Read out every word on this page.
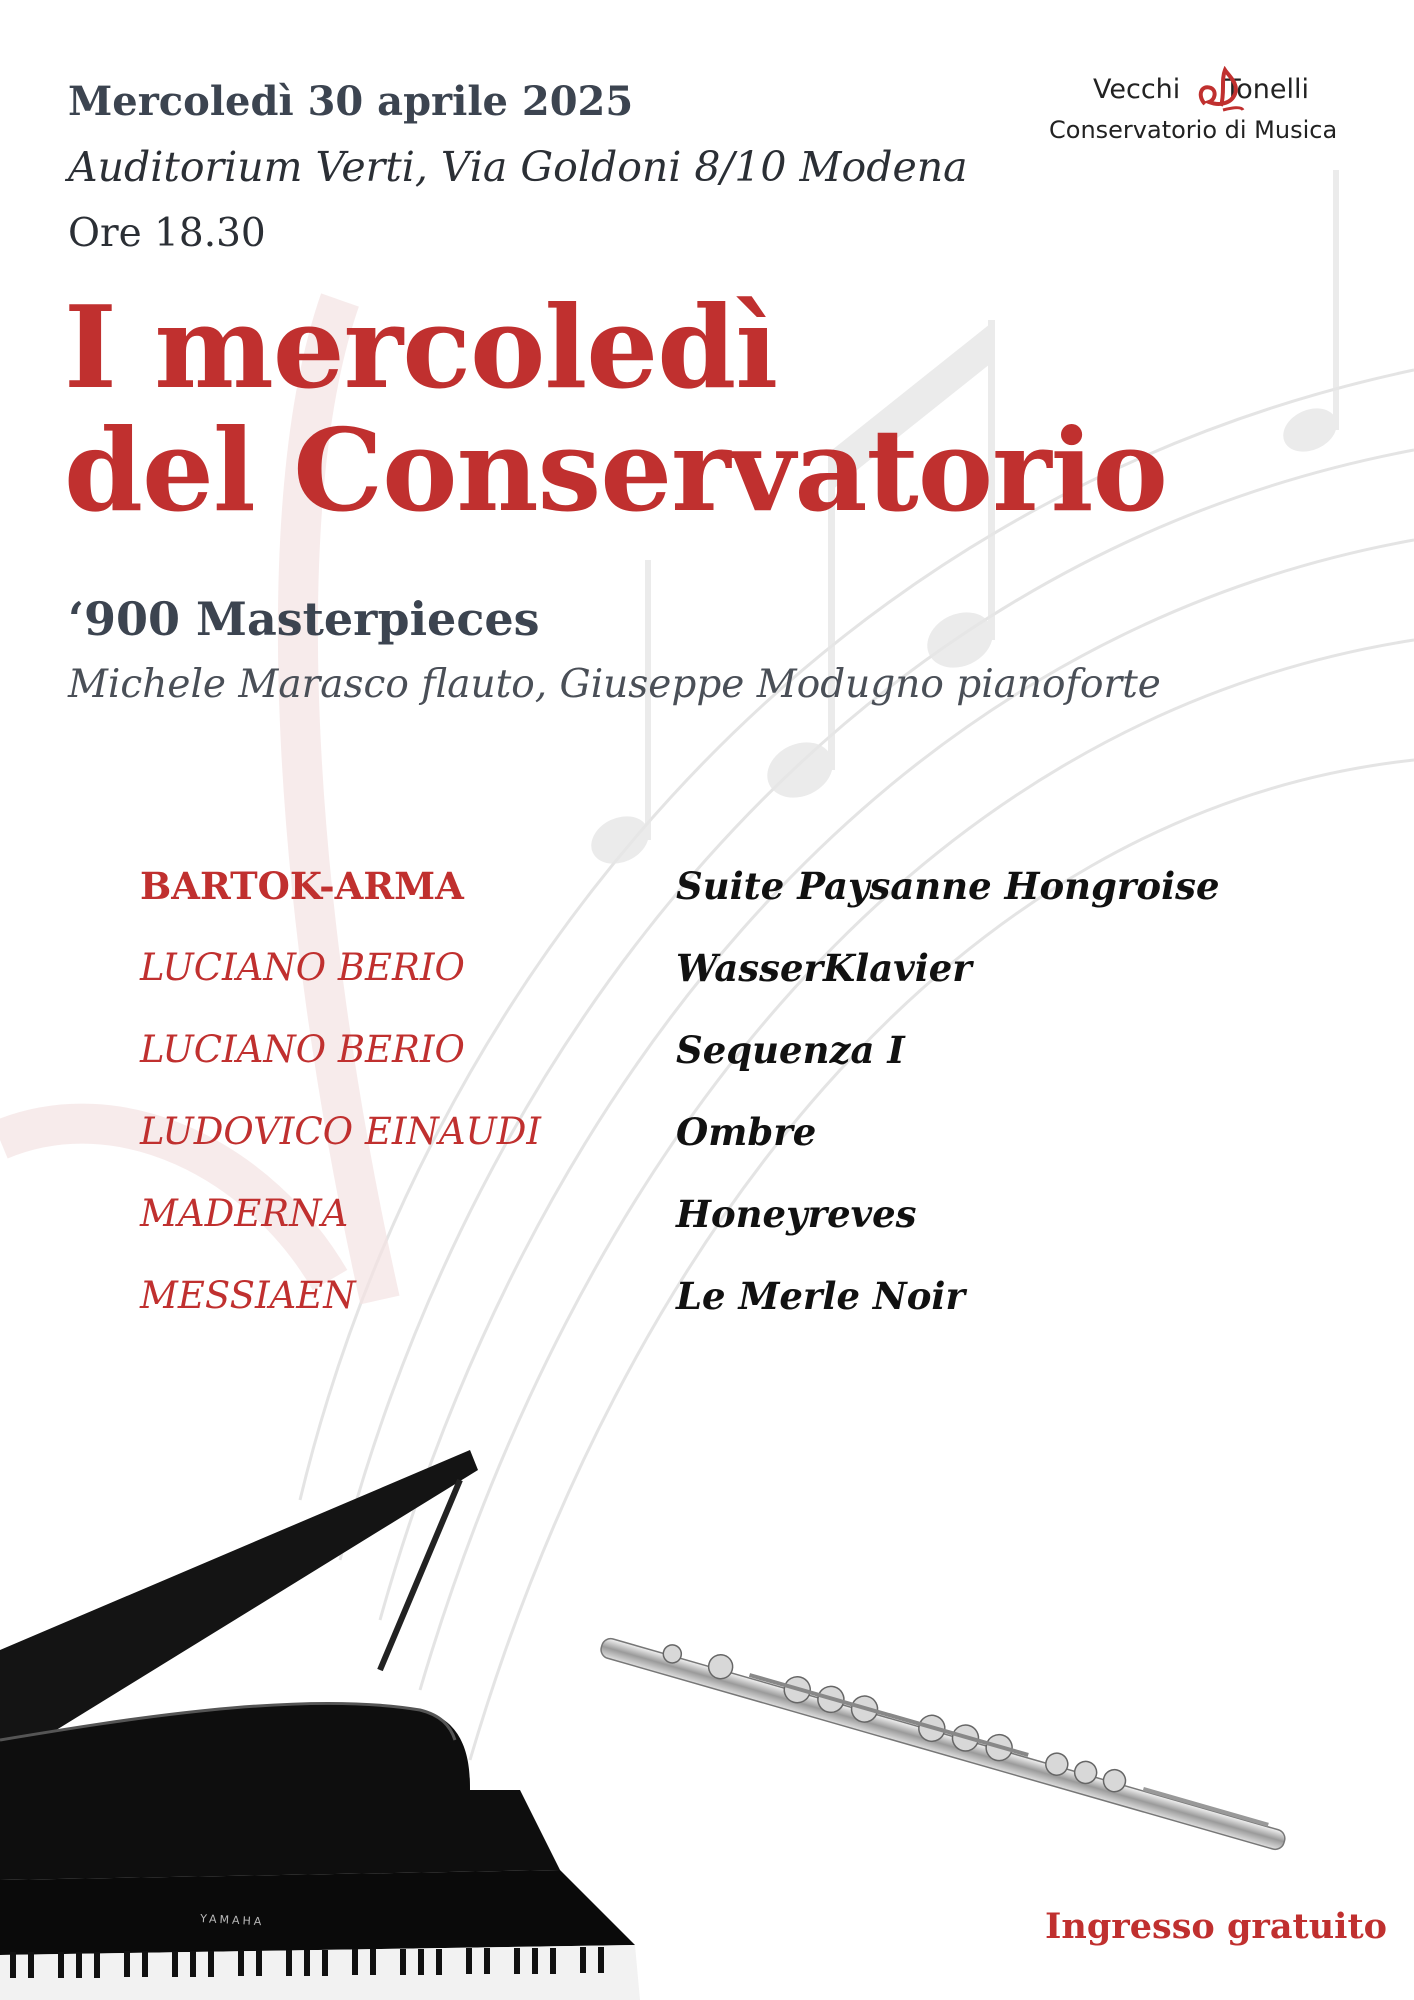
Mercoledì 30 aprile 2025
Auditorium Verti, Via Goldoni 8/10 Modena
Ore 18.30
Vecchi Tonelli
Conservatorio di Musica
I mercoledì
del Conservatorio
‘900 Masterpieces
Michele Marasco flauto, Giuseppe Modugno pianoforte
BARTOK-ARMA	Suite Paysanne Hongroise
LUCIANO BERIO	WasserKlavier
LUCIANO BERIO	Sequenza I
LUDOVICO EINAUDI	Ombre
MADERNA	Honeyreves
MESSIAEN	Le Merle Noir
YAMAHA	Ingresso gratuito
